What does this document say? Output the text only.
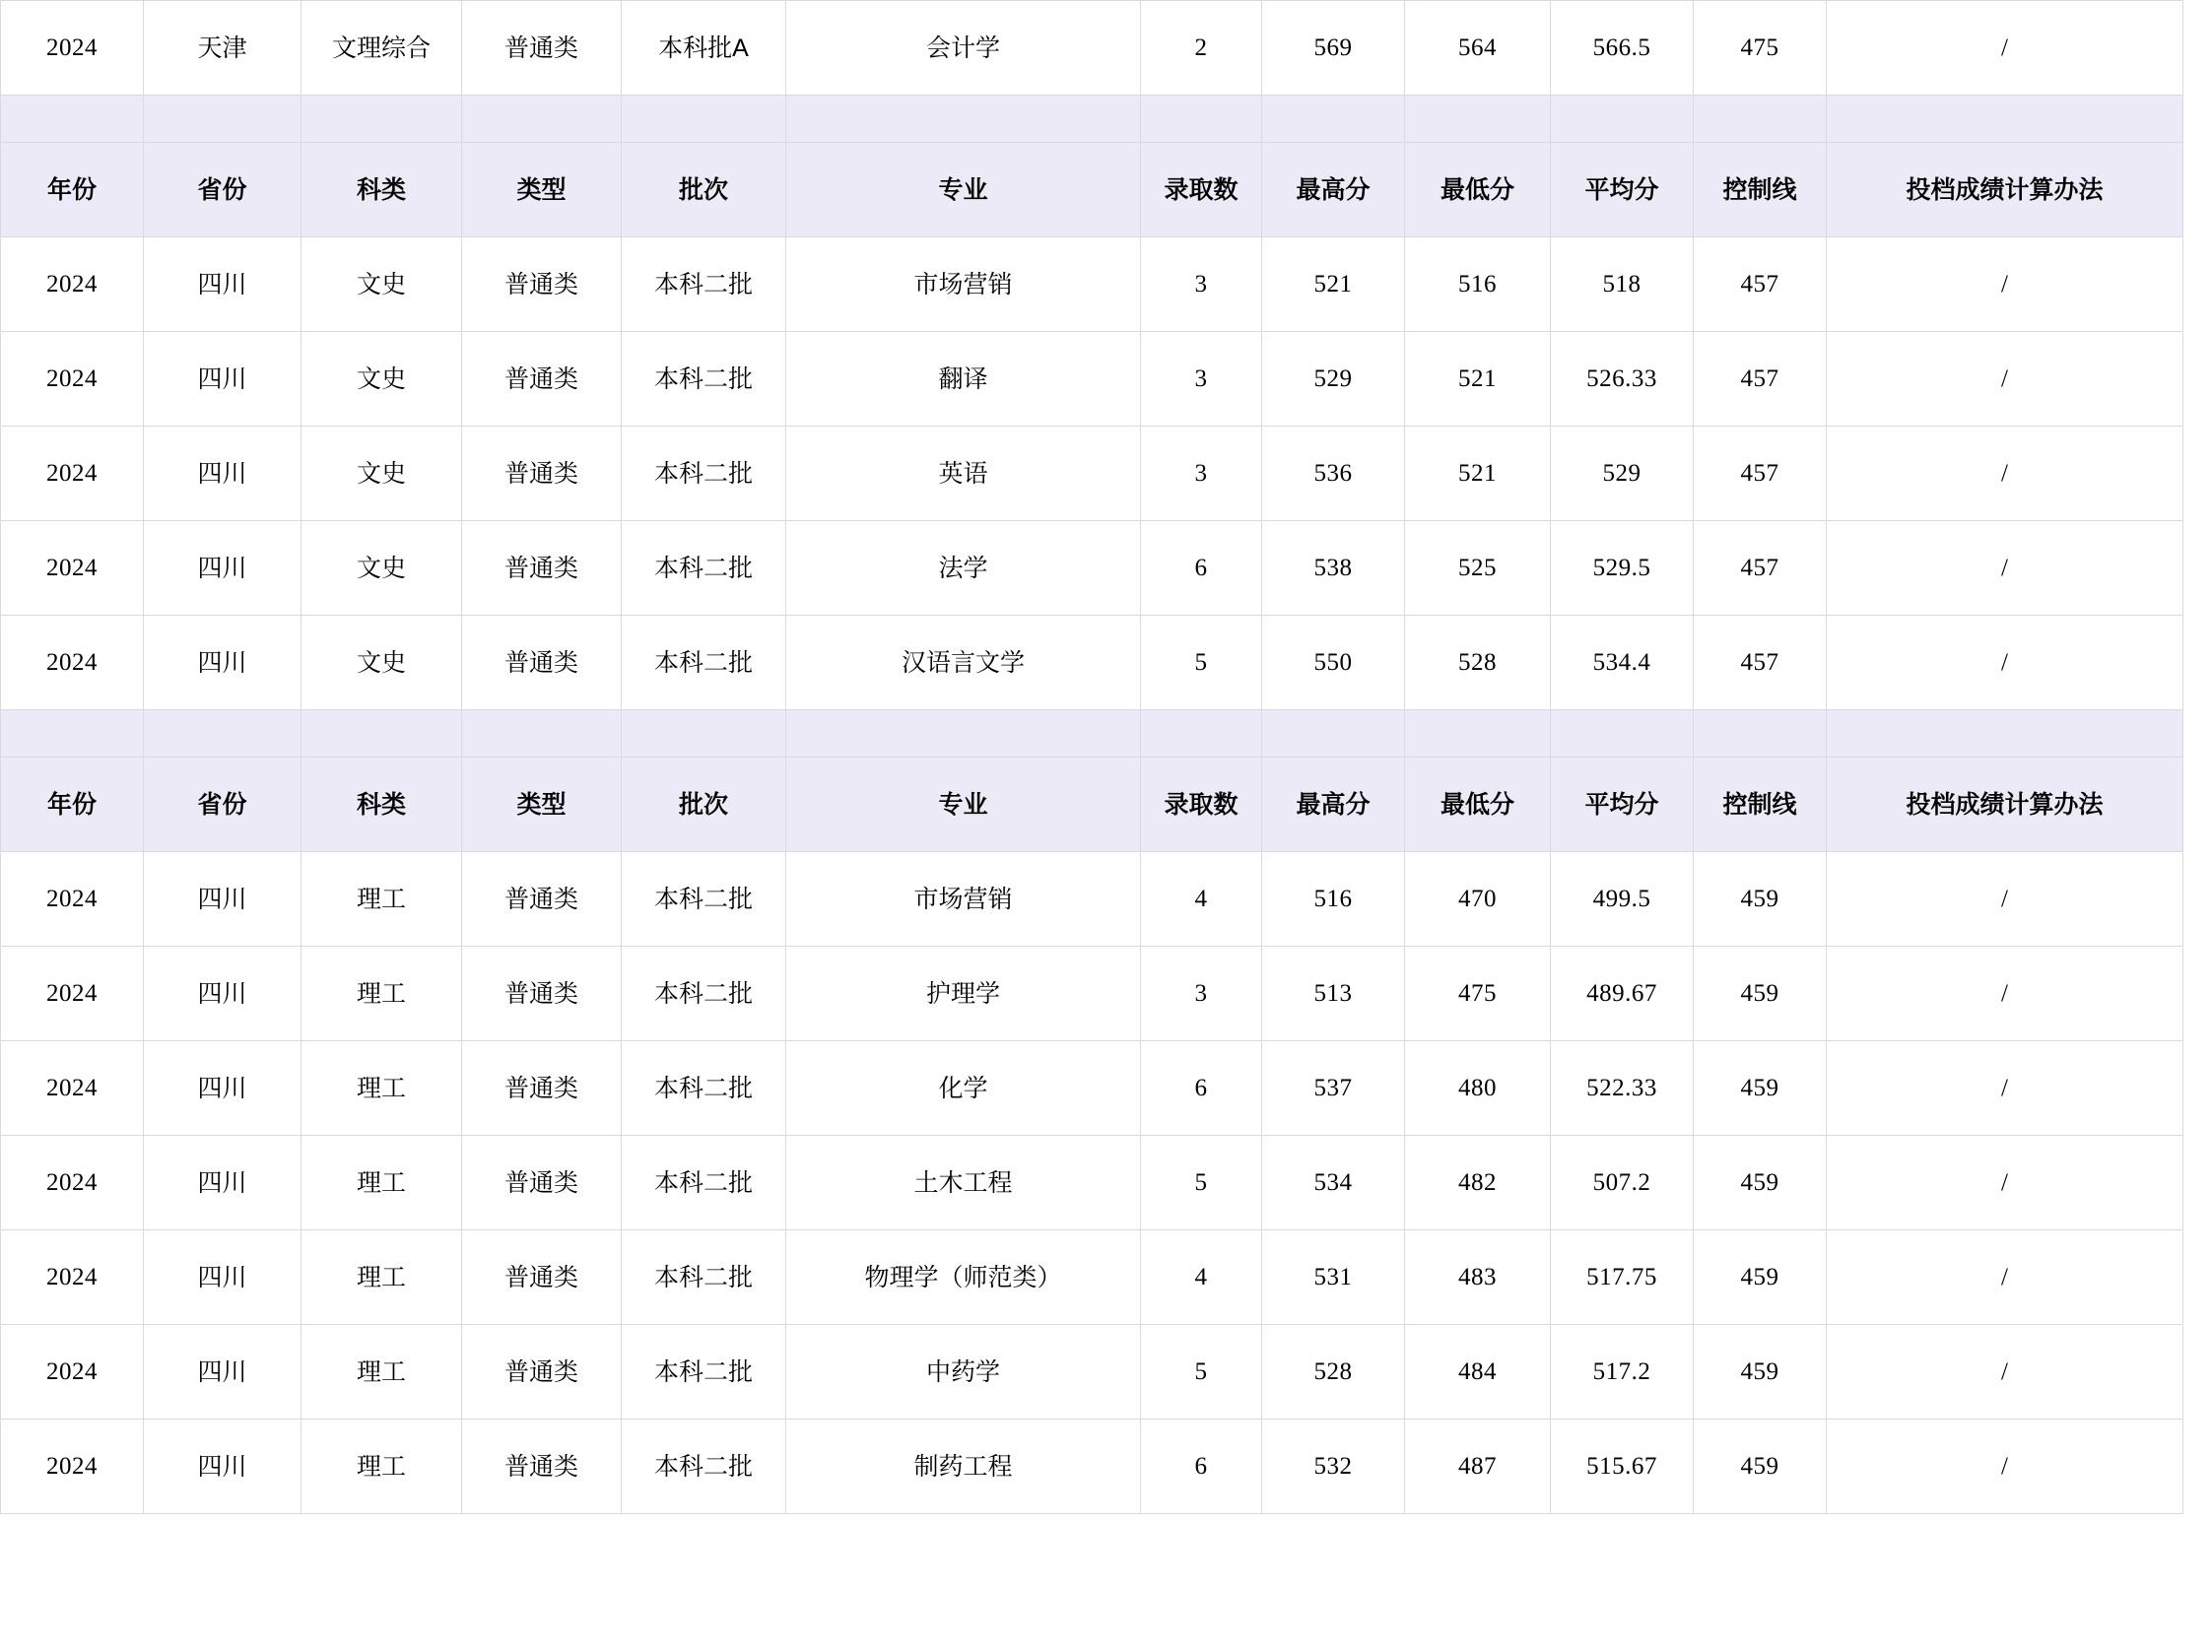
2024	天津	文理综合	普通类	本科批A	会计学	2	569	564	566.5	475	/

年份	省份	科类	类型	批次	专业	录取数	最高分	最低分	平均分	控制线	投档成绩计算办法
2024	四川	文史	普通类	本科二批	市场营销	3	521	516	518	457	/
2024	四川	文史	普通类	本科二批	翻译	3	529	521	526.33	457	/
2024	四川	文史	普通类	本科二批	英语	3	536	521	529	457	/
2024	四川	文史	普通类	本科二批	法学	6	538	525	529.5	457	/
2024	四川	文史	普通类	本科二批	汉语言文学	5	550	528	534.4	457	/

年份	省份	科类	类型	批次	专业	录取数	最高分	最低分	平均分	控制线	投档成绩计算办法
2024	四川	理工	普通类	本科二批	市场营销	4	516	470	499.5	459	/
2024	四川	理工	普通类	本科二批	护理学	3	513	475	489.67	459	/
2024	四川	理工	普通类	本科二批	化学	6	537	480	522.33	459	/
2024	四川	理工	普通类	本科二批	土木工程	5	534	482	507.2	459	/
2024	四川	理工	普通类	本科二批	物理学（师范类）	4	531	483	517.75	459	/
2024	四川	理工	普通类	本科二批	中药学	5	528	484	517.2	459	/
2024	四川	理工	普通类	本科二批	制药工程	6	532	487	515.67	459	/
